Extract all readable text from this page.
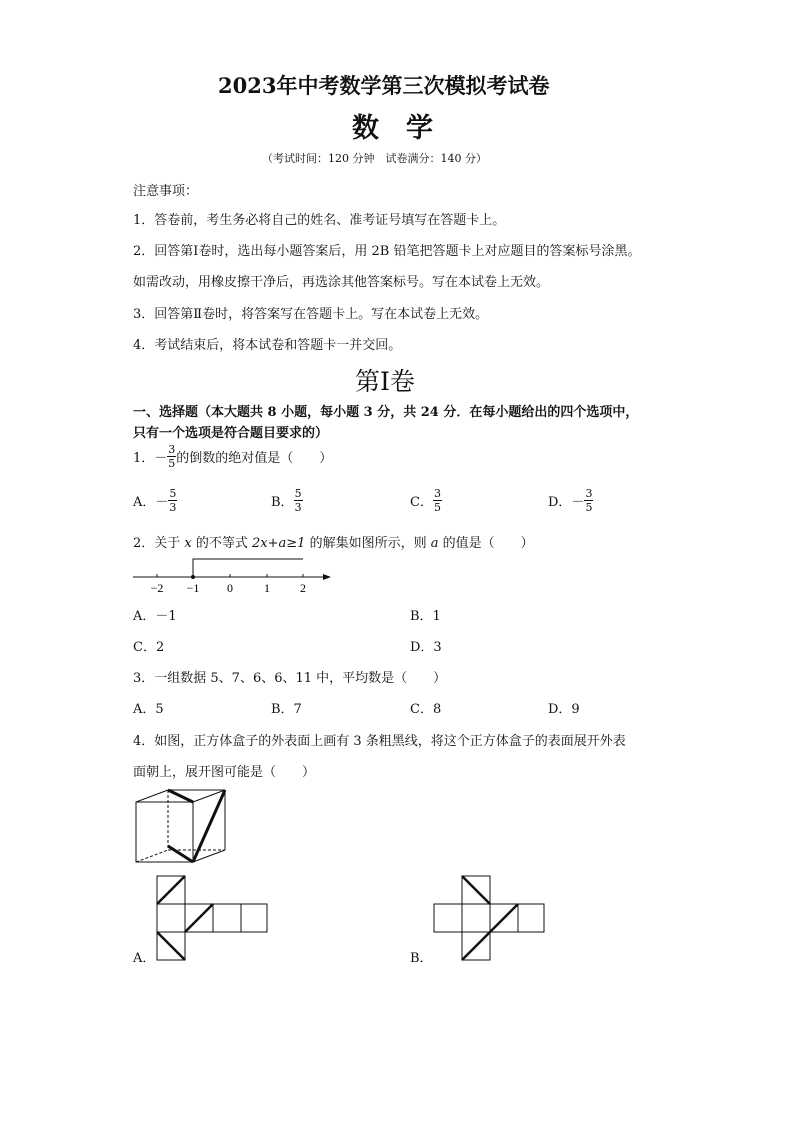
2023年中考数学第三次模拟考试卷
数　学
（考试时间：120 分钟　试卷满分：140 分）
注意事项：
1．答卷前，考生务必将自己的姓名、准考证号填写在答题卡上。
2．回答第Ⅰ卷时，选出每小题答案后，用 2B 铅笔把答题卡上对应题目的答案标号涂黑。
如需改动，用橡皮擦干净后，再选涂其他答案标号。写在本试卷上无效。
3．回答第Ⅱ卷时，将答案写在答题卡上。写在本试卷上无效。
4．考试结束后，将本试卷和答题卡一并交回。
第Ⅰ卷
一、选择题（本大题共 8 小题，每小题 3 分，共 24 分．在每小题给出的四个选项中，
只有一个选项是符合题目要求的）
1．－ $\frac{3}{5}$ 的倒数的绝对值是（　　）
A．－ $\frac{5}{3}$	B． $\frac{5}{3}$	C． $\frac{3}{5}$	D．－ $\frac{3}{5}$
2．关于 x 的不等式 2x+a≥1 的解集如图所示，则 a 的值是（　　）
−2 −1 0	1	2
A．－1	B．1
C．2	D．3
3．一组数据 5、7、6、6、11 中，平均数是（　　）
A．5	B．7	C．8	D．9
4．如图，正方体盒子的外表面上画有 3 条粗黑线，将这个正方体盒子的表面展开外表
面朝上，展开图可能是（　　）
A．	B．
